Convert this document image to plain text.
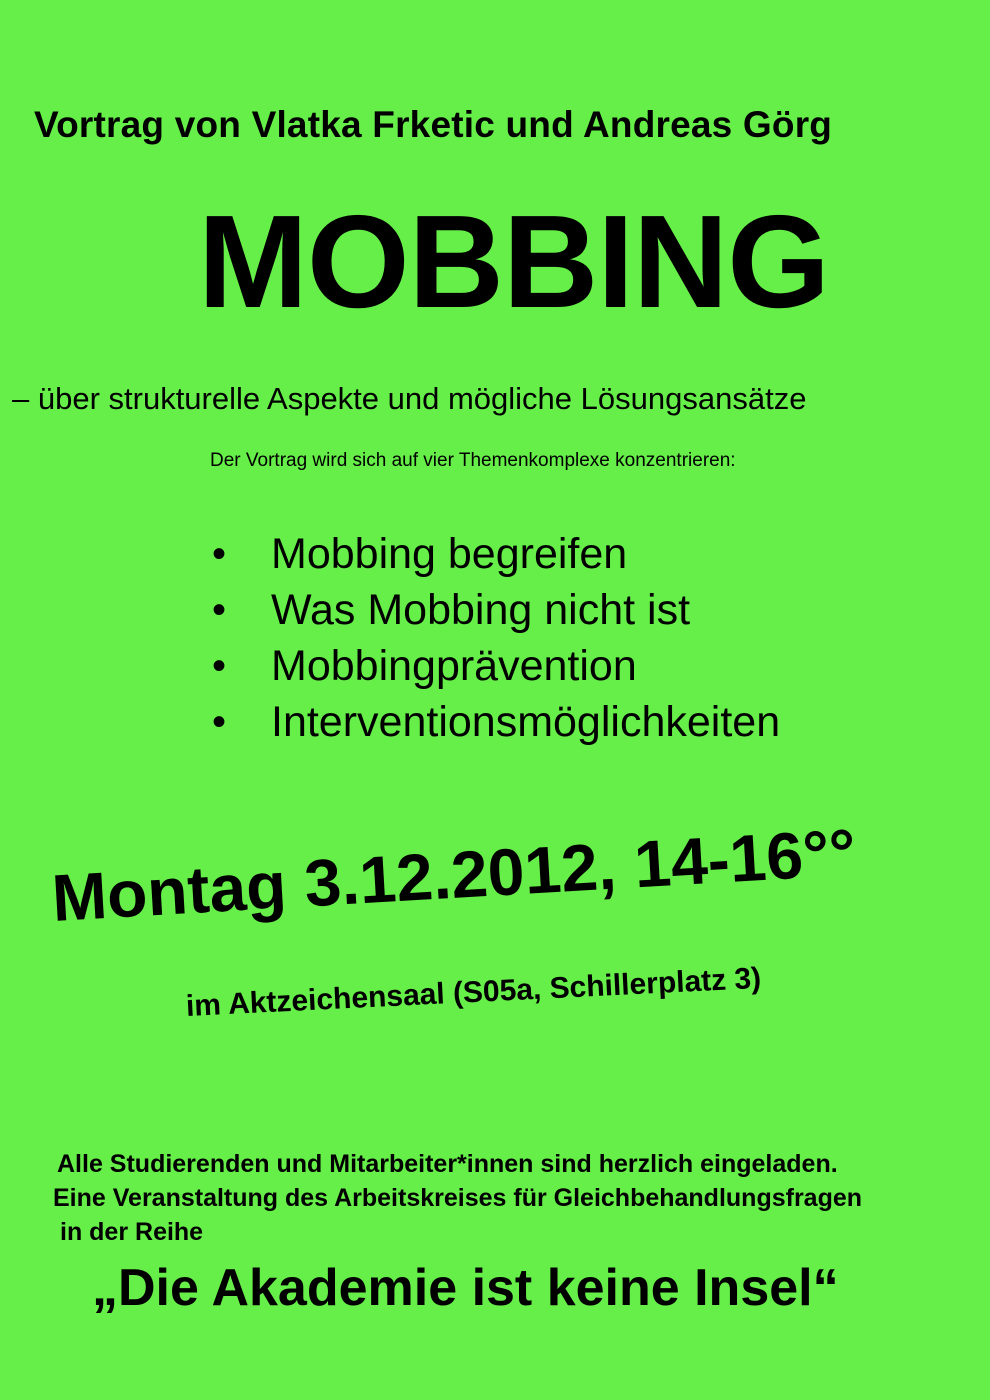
Vortrag von Vlatka Frketic und Andreas Görg
MOBBING
– über strukturelle Aspekte und mögliche Lösungsansätze
Der Vortrag wird sich auf vier Themenkomplexe konzentrieren:
•	Mobbing begreifen
•	Was Mobbing nicht ist
•	Mobbingprävention
•	Interventionsmöglichkeiten
Montag 3.12.2012, 14-16°°
im Aktzeichensaal (S05a, Schillerplatz 3)
Alle Studierenden und Mitarbeiter*innen sind herzlich eingeladen.
Eine Veranstaltung des Arbeitskreises für Gleichbehandlungsfragen
in der Reihe
„Die Akademie ist keine Insel“
